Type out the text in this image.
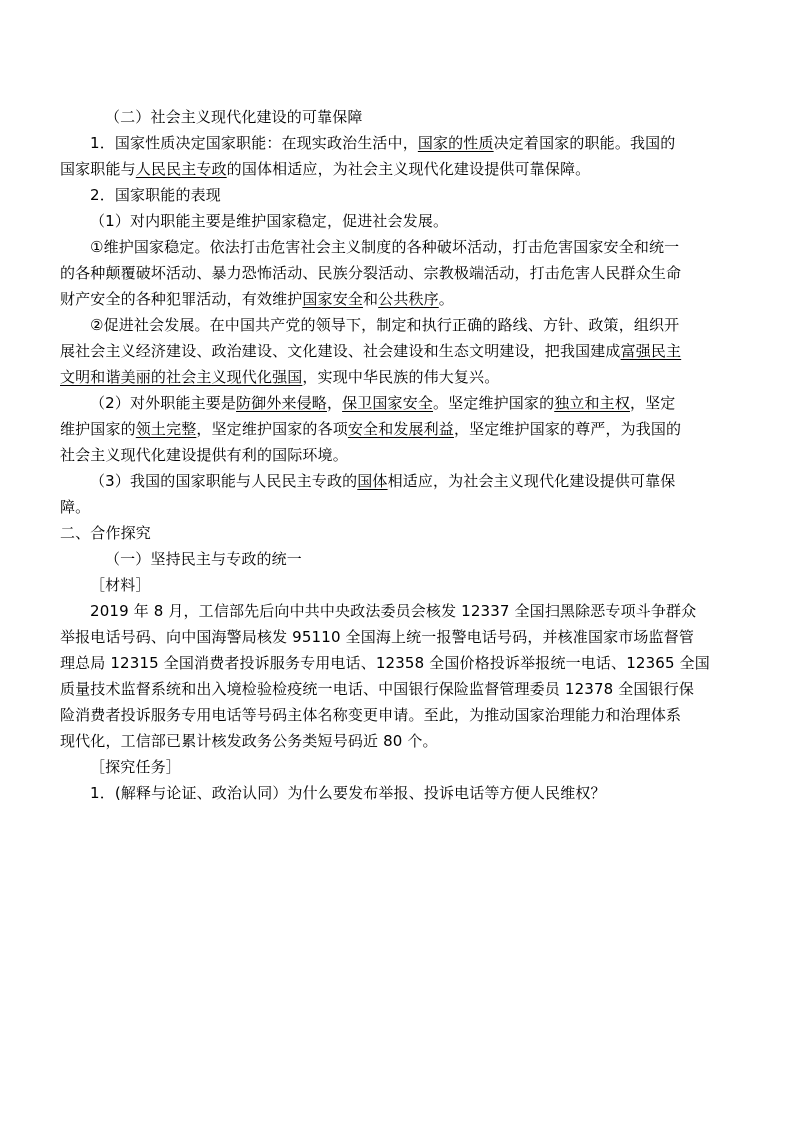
（二）社会主义现代化建设的可靠保障
1．国家性质决定国家职能：在现实政治生活中，国家的性质决定着国家的职能。我国的
国家职能与人民民主专政的国体相适应，为社会主义现代化建设提供可靠保障。
2．国家职能的表现
（1）对内职能主要是维护国家稳定，促进社会发展。
①维护国家稳定。依法打击危害社会主义制度的各种破坏活动，打击危害国家安全和统一
的各种颠覆破坏活动、暴力恐怖活动、民族分裂活动、宗教极端活动，打击危害人民群众生命
财产安全的各种犯罪活动，有效维护国家安全和公共秩序。
②促进社会发展。在中国共产党的领导下，制定和执行正确的路线、方针、政策，组织开
展社会主义经济建设、政治建设、文化建设、社会建设和生态文明建设，把我国建成富强民主
文明和谐美丽的社会主义现代化强国，实现中华民族的伟大复兴。
（2）对外职能主要是防御外来侵略，保卫国家安全。坚定维护国家的独立和主权，坚定
维护国家的领土完整，坚定维护国家的各项安全和发展利益，坚定维护国家的尊严，为我国的
社会主义现代化建设提供有利的国际环境。
（3）我国的国家职能与人民民主专政的国体相适应，为社会主义现代化建设提供可靠保
障。
二、合作探究
（一）坚持民主与专政的统一
［材料］
2019 年 8 月，工信部先后向中共中央政法委员会核发 12337 全国扫黑除恶专项斗争群众
举报电话号码、向中国海警局核发 95110 全国海上统一报警电话号码，并核准国家市场监督管
理总局 12315 全国消费者投诉服务专用电话、12358 全国价格投诉举报统一电话、12365 全国
质量技术监督系统和出入境检验检疫统一电话、中国银行保险监督管理委员 12378 全国银行保
险消费者投诉服务专用电话等号码主体名称变更申请。至此，为推动国家治理能力和治理体系
现代化，工信部已累计核发政务公务类短号码近 80 个。
［探究任务］
1．(解释与论证、政治认同）为什么要发布举报、投诉电话等方便人民维权？
